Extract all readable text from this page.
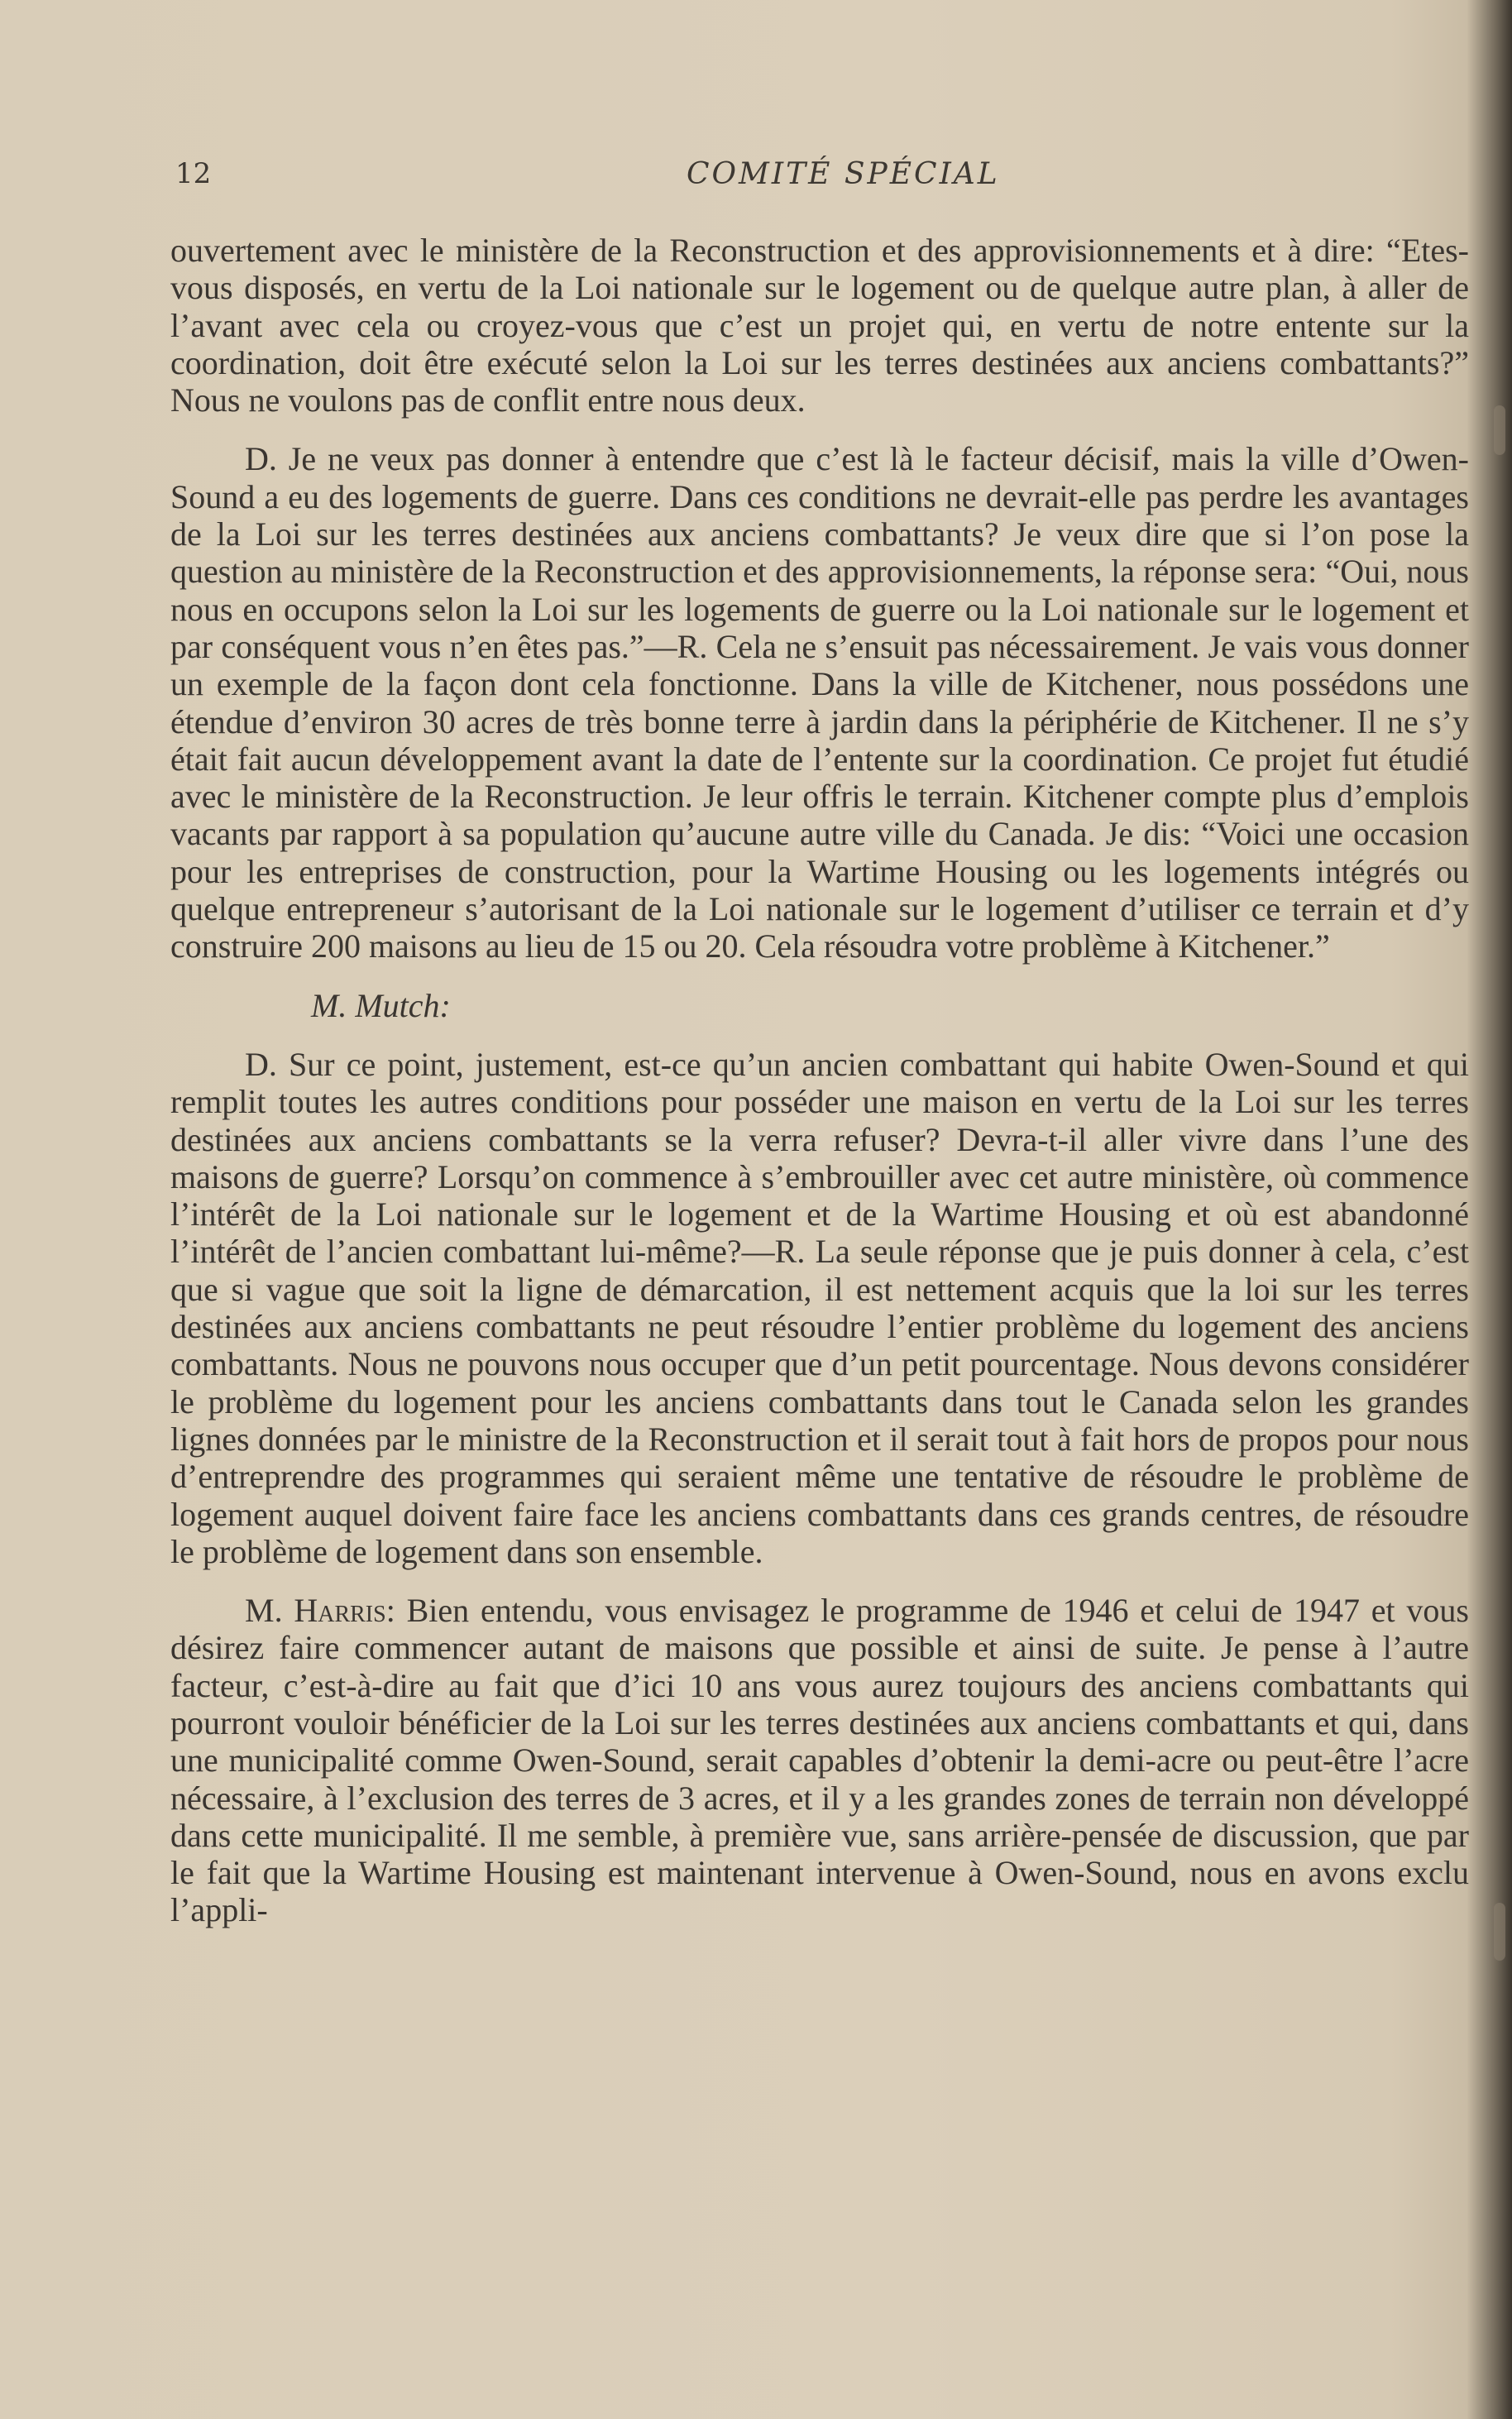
12	COMITÉ SPÉCIAL

ouvertement avec le ministère de la Reconstruction et des approvisionnements et à dire: “Etes-vous disposés, en vertu de la Loi nationale sur le logement ou de quelque autre plan, à aller de l’avant avec cela ou croyez-vous que c’est un projet qui, en vertu de notre entente sur la coordination, doit être exécuté selon la Loi sur les terres destinées aux anciens combattants?” Nous ne voulons pas de conflit entre nous deux.

D. Je ne veux pas donner à entendre que c’est là le facteur décisif, mais la ville d’Owen-Sound a eu des logements de guerre. Dans ces conditions ne devrait-elle pas perdre les avantages de la Loi sur les terres destinées aux anciens combattants? Je veux dire que si l’on pose la question au ministère de la Reconstruction et des approvisionnements, la réponse sera: “Oui, nous nous en occupons selon la Loi sur les logements de guerre ou la Loi nationale sur le logement et par conséquent vous n’en êtes pas.”—R. Cela ne s’ensuit pas nécessairement. Je vais vous donner un exemple de la façon dont cela fonctionne. Dans la ville de Kitchener, nous possédons une étendue d’environ 30 acres de très bonne terre à jardin dans la périphérie de Kitchener. Il ne s’y était fait aucun développement avant la date de l’entente sur la coordination. Ce projet fut étudié avec le ministère de la Reconstruction. Je leur offris le terrain. Kitchener compte plus d’emplois vacants par rapport à sa population qu’aucune autre ville du Canada. Je dis: “Voici une occasion pour les entreprises de construction, pour la Wartime Housing ou les logements intégrés ou quelque entrepreneur s’autorisant de la Loi nationale sur le logement d’utiliser ce terrain et d’y construire 200 maisons au lieu de 15 ou 20. Cela résoudra votre problème à Kitchener.”

M. Mutch:

D. Sur ce point, justement, est-ce qu’un ancien combattant qui habite Owen-Sound et qui remplit toutes les autres conditions pour posséder une maison en vertu de la Loi sur les terres destinées aux anciens combattants se la verra refuser? Devra-t-il aller vivre dans l’une des maisons de guerre? Lorsqu’on commence à s’embrouiller avec cet autre ministère, où commence l’intérêt de la Loi nationale sur le logement et de la Wartime Housing et où est abandonné l’intérêt de l’ancien combattant lui-même?—R. La seule réponse que je puis donner à cela, c’est que si vague que soit la ligne de démarcation, il est nettement acquis que la loi sur les terres destinées aux anciens combattants ne peut résoudre l’entier problème du logement des anciens combattants. Nous ne pouvons nous occuper que d’un petit pourcentage. Nous devons considérer le problème du logement pour les anciens combattants dans tout le Canada selon les grandes lignes données par le ministre de la Reconstruction et il serait tout à fait hors de propos pour nous d’entreprendre des programmes qui seraient même une tentative de résoudre le problème de logement auquel doivent faire face les anciens combattants dans ces grands centres, de résoudre le problème de logement dans son ensemble.

M. Harris: Bien entendu, vous envisagez le programme de 1946 et celui de 1947 et vous désirez faire commencer autant de maisons que possible et ainsi de suite. Je pense à l’autre facteur, c’est-à-dire au fait que d’ici 10 ans vous aurez toujours des anciens combattants qui pourront vouloir bénéficier de la Loi sur les terres destinées aux anciens combattants et qui, dans une municipalité comme Owen-Sound, serait capables d’obtenir la demi-acre ou peut-être l’acre nécessaire, à l’exclusion des terres de 3 acres, et il y a les grandes zones de terrain non développé dans cette municipalité. Il me semble, à première vue, sans arrière-pensée de discussion, que par le fait que la Wartime Housing est maintenant intervenue à Owen-Sound, nous en avons exclu l’appli-
